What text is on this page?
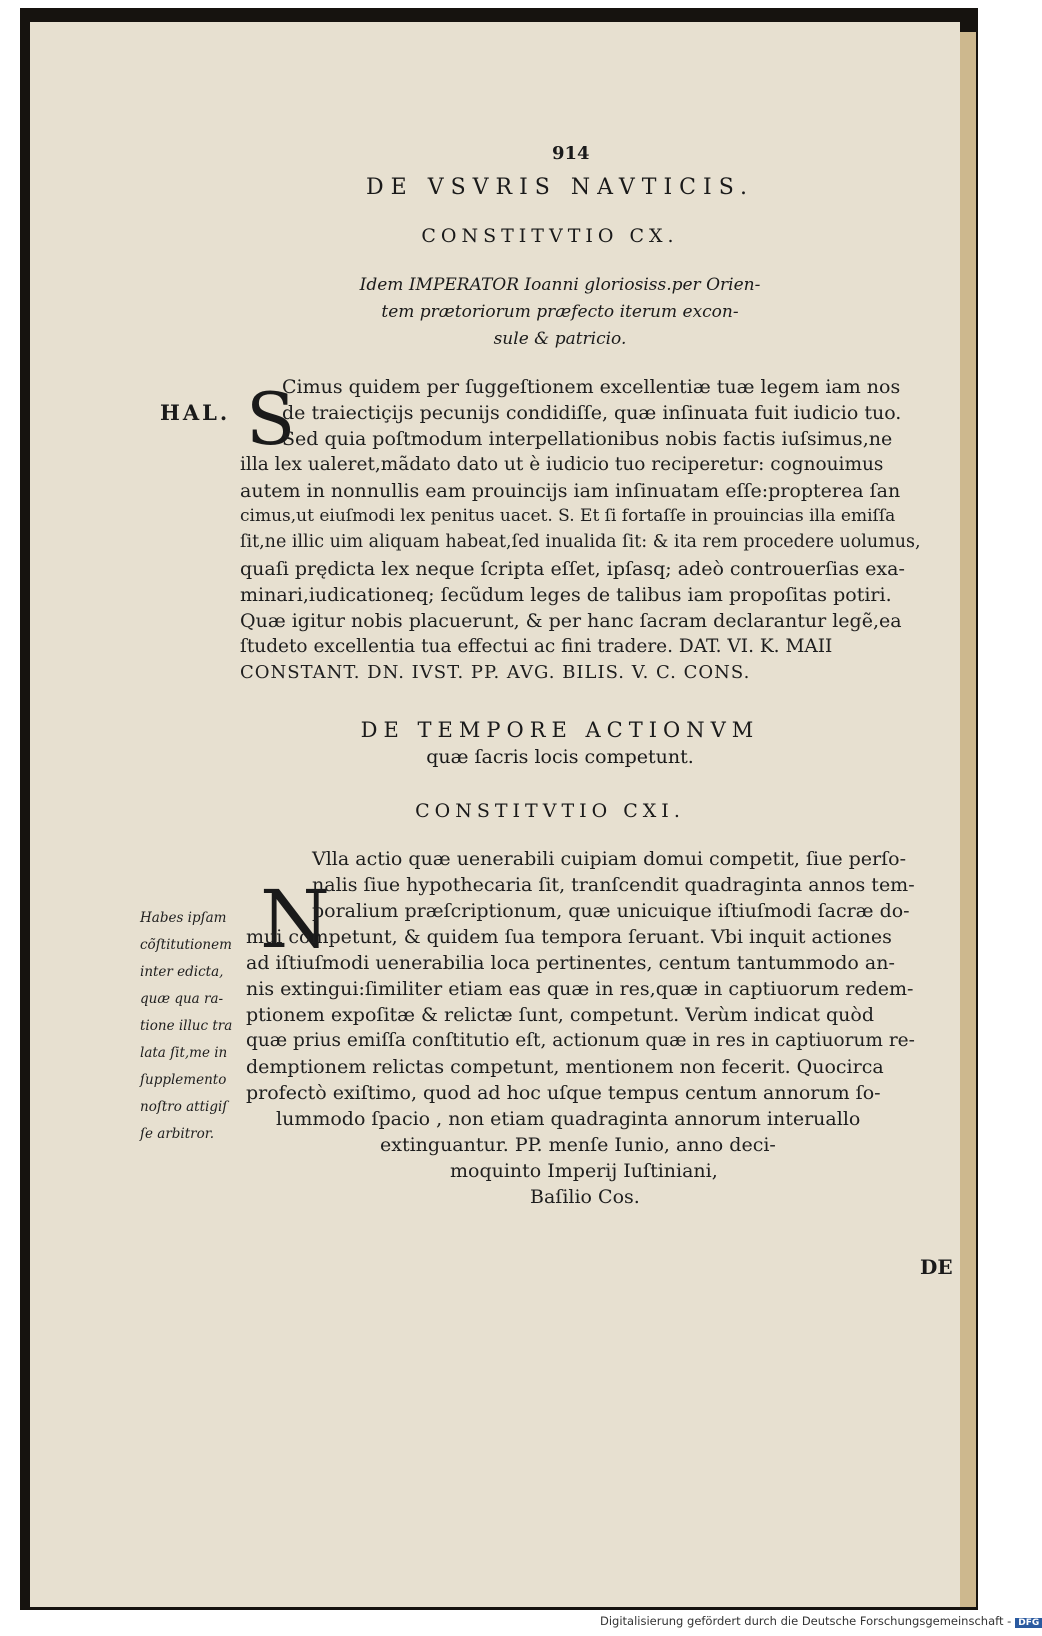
914
DE VSVRIS NAVTICIS.
CONSTITVTIO CX.
Idem IMPERATOR Ioanni gloriosiss.per Orien-
tem prætoriorum præfecto iterum excon-
sule & patricio.
HAL. S
Cimus quidem per ſuggeſtionem excellentiæ tuæ legem iam nos
de traiectiçijs pecunijs condidiſſe, quæ inſinuata fuit iudicio tuo.
Sed quia poſtmodum interpellationibus nobis factis iuſsimus,ne
illa lex ualeret,mãdato dato ut è iudicio tuo reciperetur: cognouimus
autem in nonnullis eam prouincijs iam inſinuatam eſſe:propterea ſan
cimus,ut eiuſmodi lex penitus uacet. S. Et ſi fortaſſe in prouincias illa emiſſa
ſit,ne illic uim aliquam habeat,ſed inualida ſit: & ita rem procedere uolumus,
quaſi prędicta lex neque ſcripta eſſet, ipſasq; adeò controuerſias exa-
minari,iudicationeq; ſecũdum leges de talibus iam propoſitas potiri.
Quæ igitur nobis placuerunt, & per hanc ſacram declarantur legẽ,ea
ſtudeto excellentia tua effectui ac fini tradere. DAT. VI. K. MAII
CONSTANT. DN. IVST. PP. AVG. BILIS. V. C. CONS.
DE TEMPORE ACTIONVM
quæ ſacris locis competunt.
CONSTITVTIO CXI.
N
Habes ipſam
cõſtitutionem
inter edicta,
quæ qua ra-
tione illuc tra
lata ſit,me in
ſupplemento
noſtro attigiſ
ſe arbitror.
Vlla actio quæ uenerabili cuipiam domui competit, ſiue perſo-
nalis ſiue hypothecaria ſit, tranſcendit quadraginta annos tem-
poralium præſcriptionum, quæ unicuique iſtiuſmodi ſacræ do-
mui competunt, & quidem ſua tempora ſeruant. Vbi inquit actiones
ad iſtiuſmodi uenerabilia loca pertinentes, centum tantummodo an-
nis extingui:ſimiliter etiam eas quæ in res,quæ in captiuorum redem-
ptionem expoſitæ & relictæ ſunt, competunt. Verùm indicat quòd
quæ prius emiſſa conſtitutio eſt, actionum quæ in res in captiuorum re-
demptionem relictas competunt, mentionem non fecerit. Quocirca
profectò exiſtimo, quod ad hoc uſque tempus centum annorum ſo-
lummodo ſpacio , non etiam quadraginta annorum interuallo
extinguantur. PP. menſe Iunio, anno deci-
moquinto Imperij Iuſtiniani,
Baſilio Cos.
DE
Digitalisierung gefördert durch die Deutsche Forschungsgemeinschaft - DFG
